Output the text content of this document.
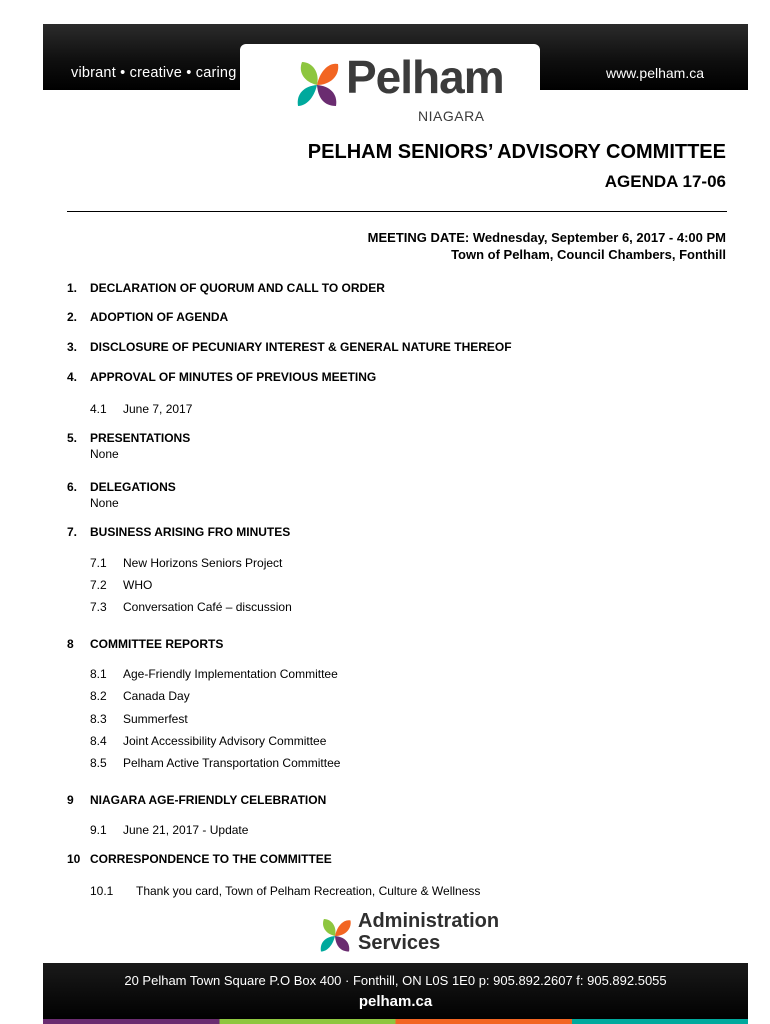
vibrant • creative • caring	www.pelham.ca
Pelham
NIAGARA
PELHAM SENIORS’ ADVISORY COMMITTEE
AGENDA 17-06
MEETING DATE: Wednesday, September 6, 2017 - 4:00 PM
Town of Pelham, Council Chambers, Fonthill
1. DECLARATION OF QUORUM AND CALL TO ORDER
2. ADOPTION OF AGENDA
3. DISCLOSURE OF PECUNIARY INTEREST & GENERAL NATURE THEREOF
4. APPROVAL OF MINUTES OF PREVIOUS MEETING
4.1 June 7, 2017
5. PRESENTATIONS
None
6. DELEGATIONS
None
7. BUSINESS ARISING FRO MINUTES
7.1 New Horizons Seniors Project
7.2 WHO
7.3 Conversation Café – discussion
8 COMMITTEE REPORTS
8.1 Age-Friendly Implementation Committee
8.2 Canada Day
8.3 Summerfest
8.4 Joint Accessibility Advisory Committee
8.5 Pelham Active Transportation Committee
9 NIAGARA AGE-FRIENDLY CELEBRATION
9.1 June 21, 2017 - Update
10 CORRESPONDENCE TO THE COMMITTEE
10.1 Thank you card, Town of Pelham Recreation, Culture & Wellness
Administration
Services
20 Pelham Town Square P.O Box 400 · Fonthill, ON L0S 1E0 p: 905.892.2607 f: 905.892.5055
pelham.ca
